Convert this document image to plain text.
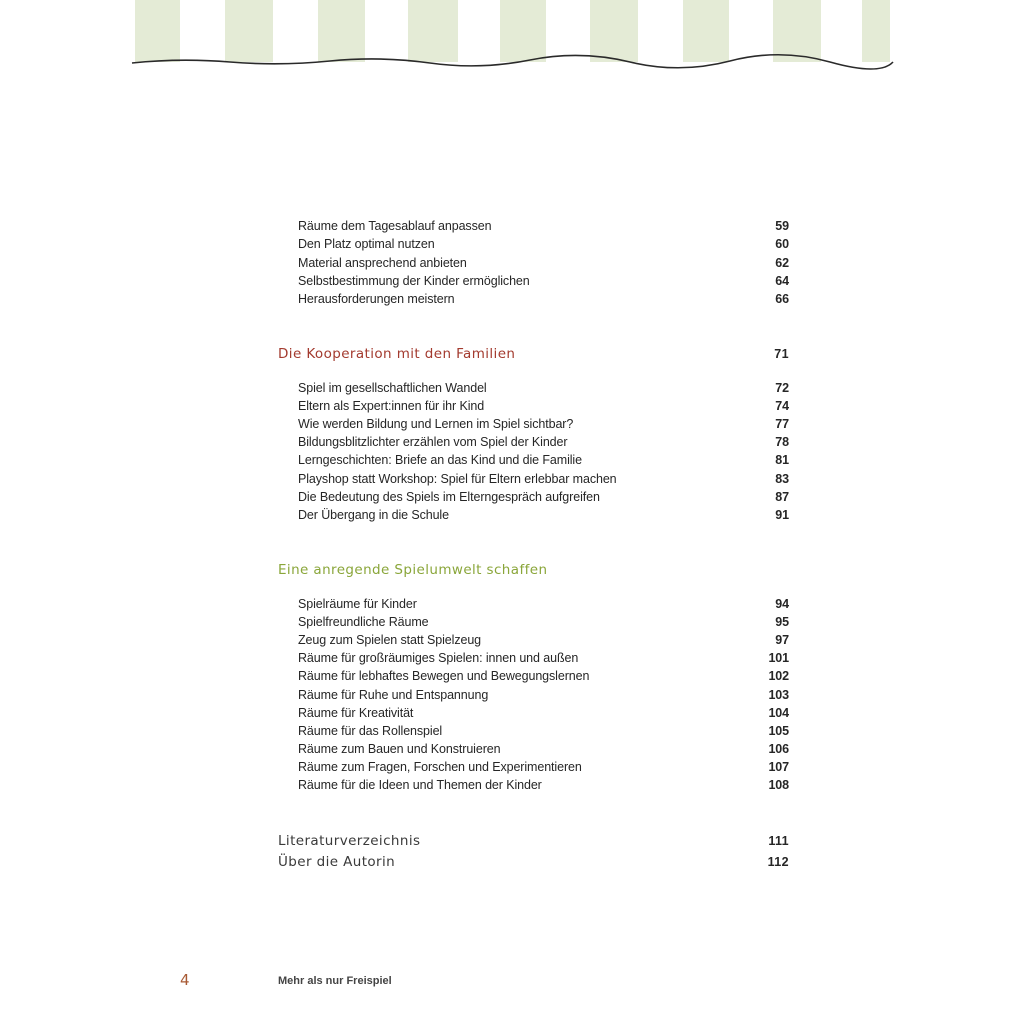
Räume dem Tagesablauf anpassen	59
Den Platz optimal nutzen	60
Material ansprechend anbieten	62
Selbstbestimmung der Kinder ermöglichen	64
Herausforderungen meistern	66
Die Kooperation mit den Familien	71
Spiel im gesellschaftlichen Wandel	72
Eltern als Expert:innen für ihr Kind	74
Wie werden Bildung und Lernen im Spiel sichtbar?	77
Bildungsblitzlichter erzählen vom Spiel der Kinder	78
Lerngeschichten: Briefe an das Kind und die Familie	81
Playshop statt Workshop: Spiel für Eltern erlebbar machen	83
Die Bedeutung des Spiels im Elterngespräch aufgreifen	87
Der Übergang in die Schule	91
Eine anregende Spielumwelt schaffen
Spielräume für Kinder	94
Spielfreundliche Räume	95
Zeug zum Spielen statt Spielzeug	97
Räume für großräumiges Spielen: innen und außen	101
Räume für lebhaftes Bewegen und Bewegungslernen	102
Räume für Ruhe und Entspannung	103
Räume für Kreativität	104
Räume für das Rollenspiel	105
Räume zum Bauen und Konstruieren	106
Räume zum Fragen, Forschen und Experimentieren	107
Räume für die Ideen und Themen der Kinder	108
Literaturverzeichnis	111
Über die Autorin	112
4	Mehr als nur Freispiel
